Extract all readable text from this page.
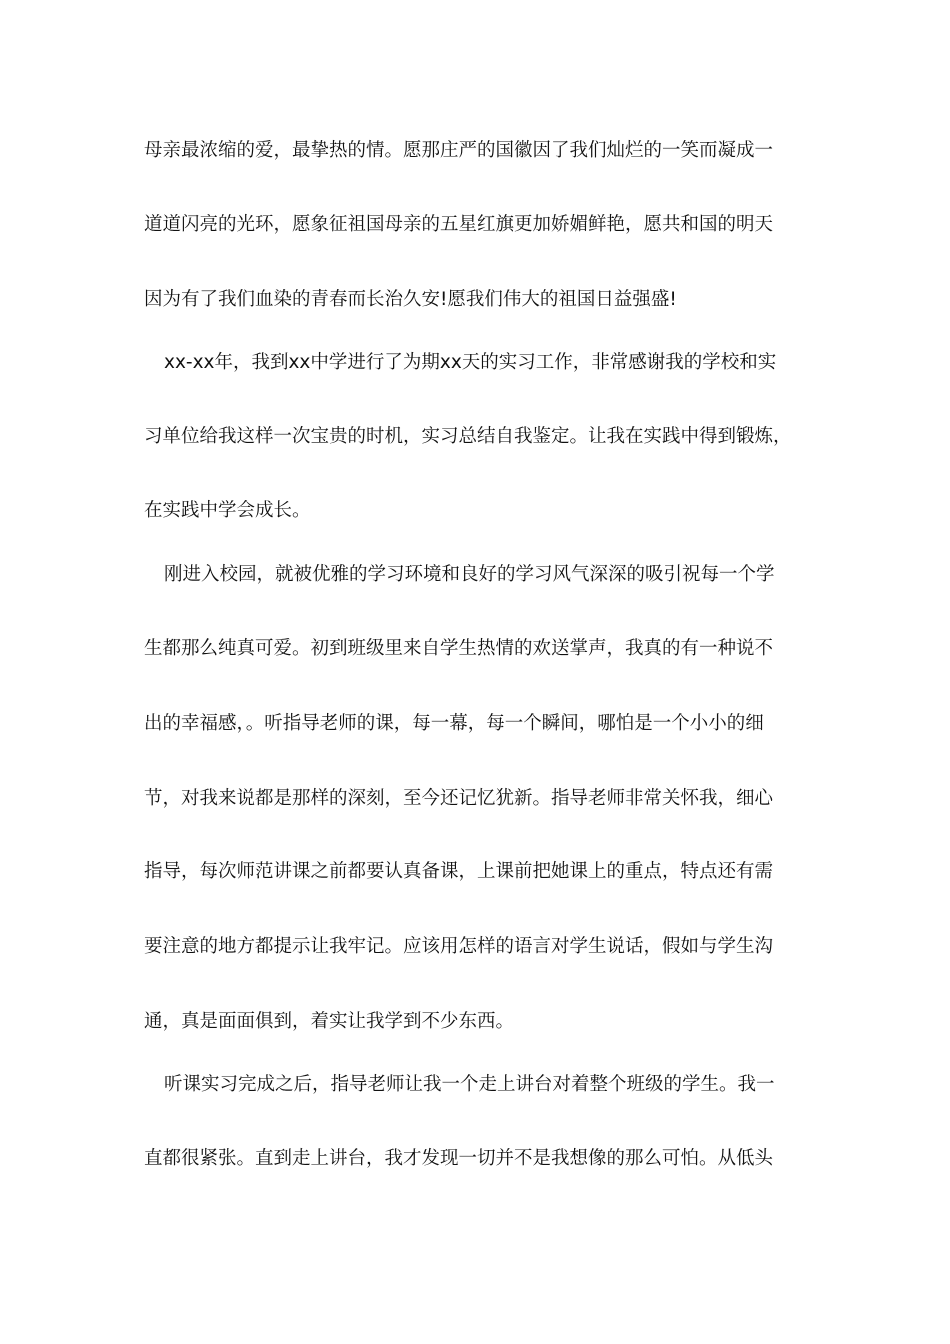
母亲最浓缩的爱，最挚热的情。愿那庄严的国徽因了我们灿烂的一笑而凝成一
道道闪亮的光环，愿象征祖国母亲的五星红旗更加娇媚鲜艳，愿共和国的明天
因为有了我们血染的青春而长治久安!愿我们伟大的祖国日益强盛!
xx-xx年，我到xx中学进行了为期xx天的实习工作，非常感谢我的学校和实
习单位给我这样一次宝贵的时机，实习总结自我鉴定。让我在实践中得到锻炼，
在实践中学会成长。
刚进入校园，就被优雅的学习环境和良好的学习风气深深的吸引祝每一个学
生都那么纯真可爱。初到班级里来自学生热情的欢送掌声，我真的有一种说不
出的幸福感，。听指导老师的课，每一幕，每一个瞬间，哪怕是一个小小的细
节，对我来说都是那样的深刻，至今还记忆犹新。指导老师非常关怀我，细心
指导，每次师范讲课之前都要认真备课，上课前把她课上的重点，特点还有需
要注意的地方都提示让我牢记。应该用怎样的语言对学生说话，假如与学生沟
通，真是面面俱到，着实让我学到不少东西。
听课实习完成之后，指导老师让我一个走上讲台对着整个班级的学生。我一
直都很紧张。直到走上讲台，我才发现一切并不是我想像的那么可怕。从低头
